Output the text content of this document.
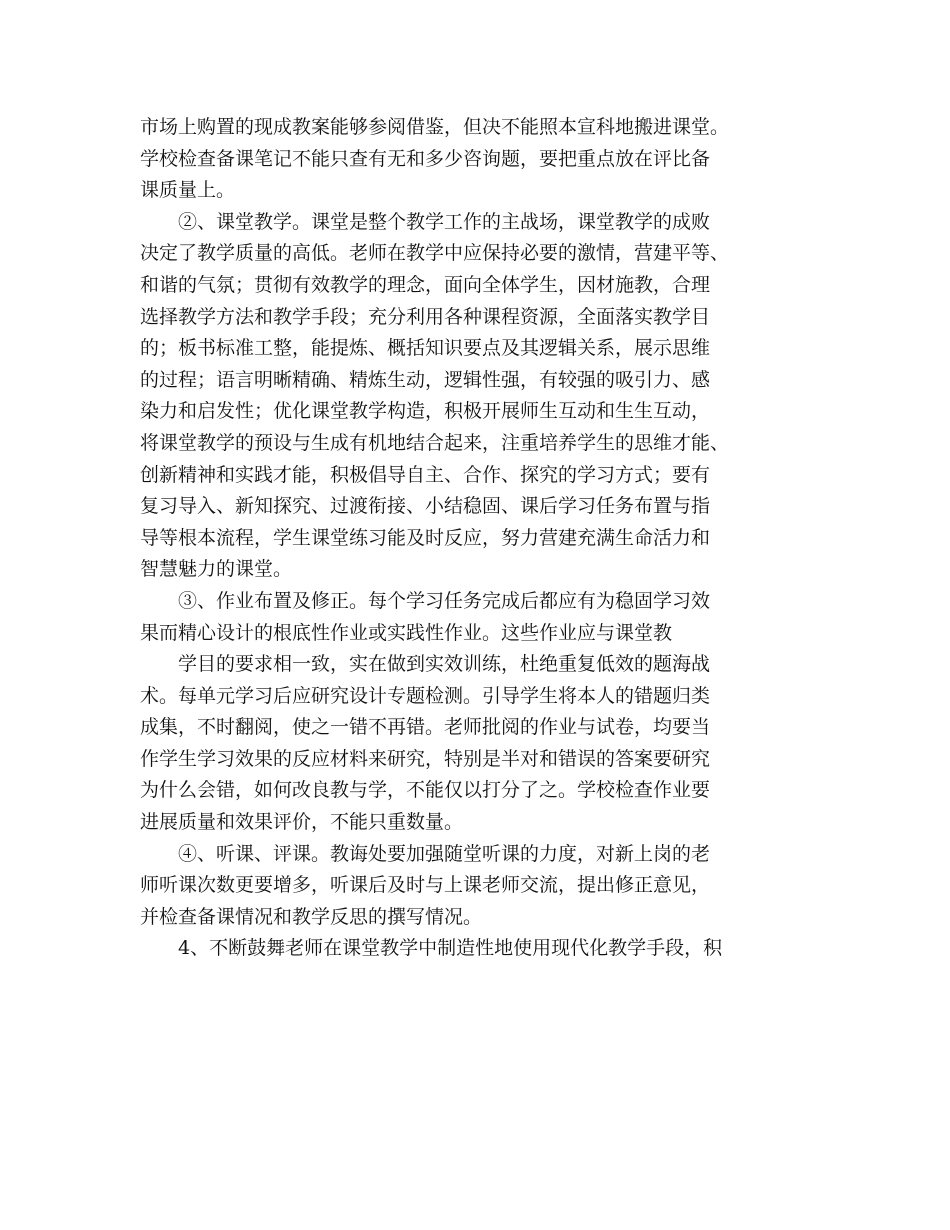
市场上购置的现成教案能够参阅借鉴，但决不能照本宣科地搬进课堂。
学校检查备课笔记不能只查有无和多少咨询题，要把重点放在评比备
课质量上。
②、课堂教学。课堂是整个教学工作的主战场，课堂教学的成败
决定了教学质量的高低。老师在教学中应保持必要的激情，营建平等、
和谐的气氛；贯彻有效教学的理念，面向全体学生，因材施教，合理
选择教学方法和教学手段；充分利用各种课程资源，全面落实教学目
的；板书标准工整，能提炼、概括知识要点及其逻辑关系，展示思维
的过程；语言明晰精确、精炼生动，逻辑性强，有较强的吸引力、感
染力和启发性；优化课堂教学构造，积极开展师生互动和生生互动，
将课堂教学的预设与生成有机地结合起来，注重培养学生的思维才能、
创新精神和实践才能，积极倡导自主、合作、探究的学习方式；要有
复习导入、新知探究、过渡衔接、小结稳固、课后学习任务布置与指
导等根本流程，学生课堂练习能及时反应，努力营建充满生命活力和
智慧魅力的课堂。
③、作业布置及修正。每个学习任务完成后都应有为稳固学习效
果而精心设计的根底性作业或实践性作业。这些作业应与课堂教
学目的要求相一致，实在做到实效训练，杜绝重复低效的题海战
术。每单元学习后应研究设计专题检测。引导学生将本人的错题归类
成集，不时翻阅，使之一错不再错。老师批阅的作业与试卷，均要当
作学生学习效果的反应材料来研究，特别是半对和错误的答案要研究
为什么会错，如何改良教与学，不能仅以打分了之。学校检查作业要
进展质量和效果评价，不能只重数量。
④、听课、评课。教诲处要加强随堂听课的力度，对新上岗的老
师听课次数更要增多，听课后及时与上课老师交流，提出修正意见，
并检查备课情况和教学反思的撰写情况。
4、不断鼓舞老师在课堂教学中制造性地使用现代化教学手段，积
